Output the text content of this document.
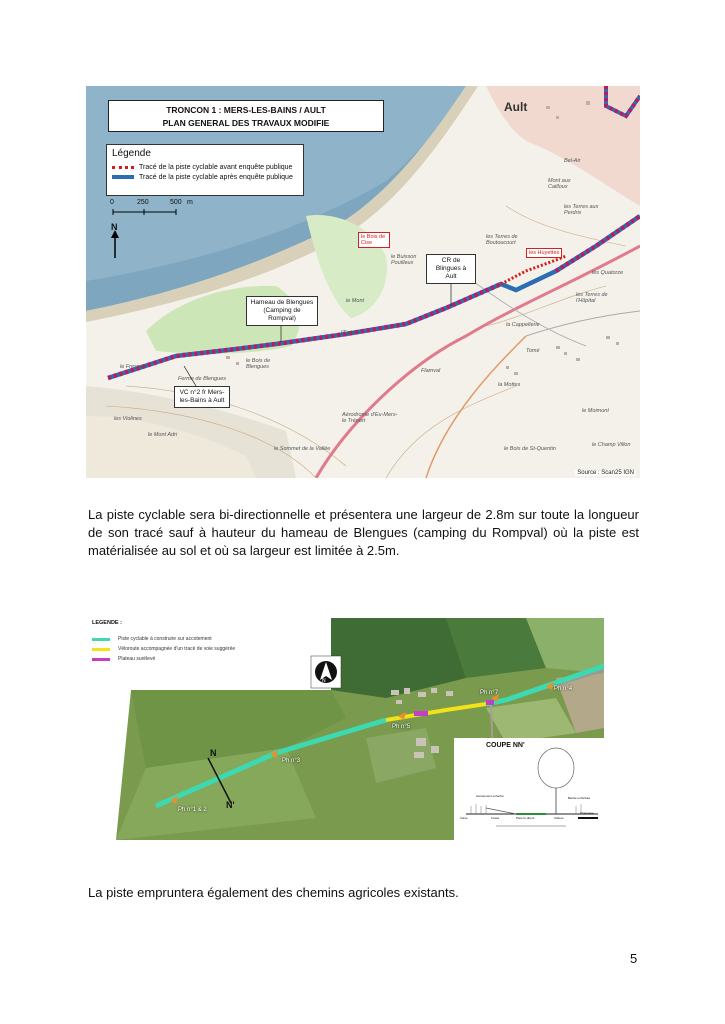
TRONCON 1 : MERS-LES-BAINS / AULT
PLAN GENERAL DES TRAVAUX MODIFIE
Légende
Tracé de la piste cyclable avant enquête publique
Tracé de la piste cyclable après enquête publique
0	250	500 m
N
Hameau de Blengues (Camping de Rompval)
CR de Blingues à Ault
VC n°2 fr Mers-les-Bains à Ault
le Bois de Cise
les Huyettes
Ault
Bel-Air
Mont aux Cailloux
les Terres aux Perdrix
les Terres de Boutoucourt
le Buisson Pouilleux
le Mont
les Quatorze
les Terres de l'Hôpital
la Cappellerie
Tomé
la Mottes
Flamval
le Bois de Blengues
le Fresnoy
Ferme de Blengues
l'Epinoi
les Violines
le Mont Adri
Aérodrome d'Eu-Mers-le Tréport
le Bois de St-Quentin
le Moimont
le Champ Villon
le Sommet de la Vallée
Source : Scan25 IGN

La piste cyclable sera bi-directionnelle et présentera une largeur de 2.8m sur toute la longueur de son tracé sauf à hauteur du hameau de Blengues (camping du Rompval) où la piste est matérialisée au sol et où sa largeur est limitée à 2.5m.

LEGENDE :
Piste cyclable à construire sur accotement
Véloroute accompagnée d'un tracé de voie suggérée
Plateau surélevé
N
Ph n°1 & 2
Ph n°3
Ph n°5
Ph n°7
Ph n°4
N
N'
COUPE NN'
Accotement enherbé
Voirie	Fossé	Piste bi-direct.
Bande enherbée
Clôture
Chaussée

La piste empruntera également des chemins agricoles existants.

5
